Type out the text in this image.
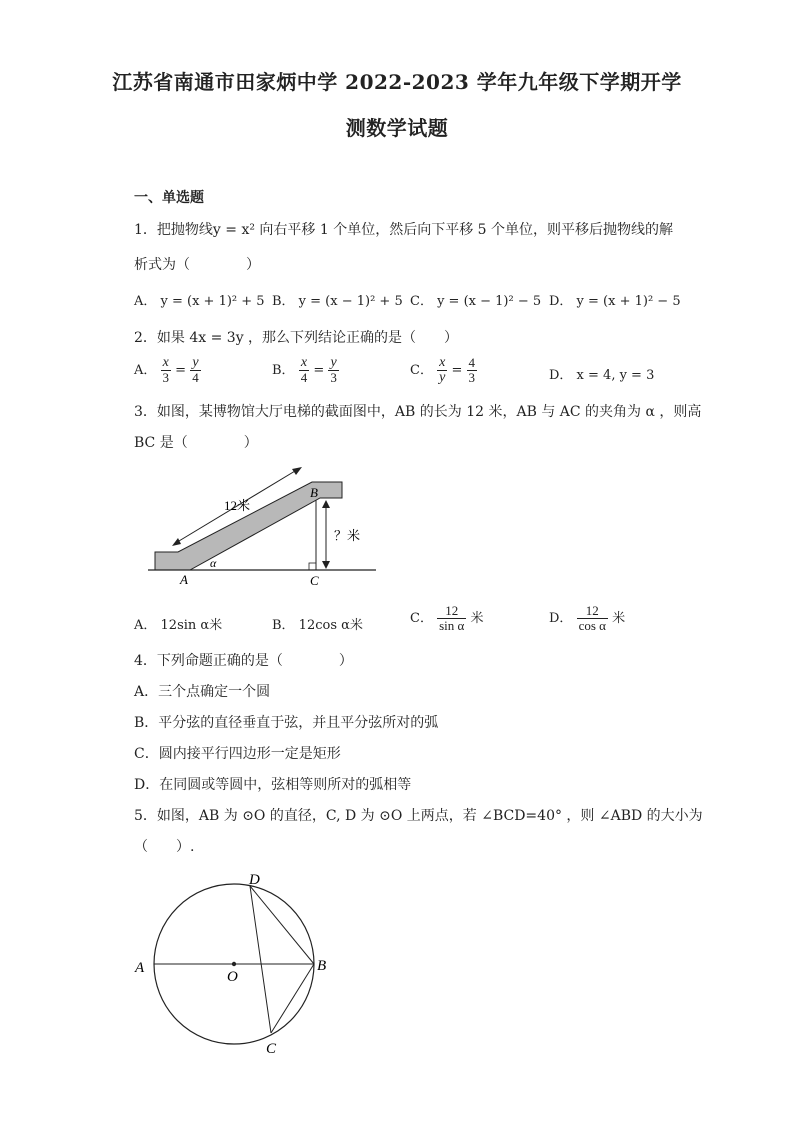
江苏省南通市田家炳中学 2022-2023 学年九年级下学期开学
测数学试题
一、单选题
1．把抛物线y = x² 向右平移 1 个单位，然后向下平移 5 个单位，则平移后抛物线的解
析式为（　　　　）
A． y = (x + 1)² + 5 B． y = (x − 1)² + 5 C． y = (x − 1)² − 5 D． y = (x + 1)² − 5
2．如果 4x = 3y ，那么下列结论正确的是（　　）
A． $\frac{x}{3} = \frac{y}{4}$	B． $\frac{x}{4} = \frac{y}{3}$	C． $\frac{x}{y} = \frac{4}{3}$	D． x = 4, y = 3
3．如图，某博物馆大厅电梯的截面图中，AB 的长为 12 米，AB 与 AC 的夹角为 α ，则高
BC 是（　　　　）
12米
B
A	C
α
？米
A． 12sin α米	B． 12cos α米	C． $\frac{12}{\text{sin α}}$ 米	D． $\frac{12}{\text{cos α}}$ 米
4．下列命题正确的是（　　　　）
A．三个点确定一个圆
B．平分弦的直径垂直于弦，并且平分弦所对的弧
C．圆内接平行四边形一定是矩形
D．在同圆或等圆中，弦相等则所对的弧相等
5．如图，AB 为 ⊙O 的直径，C, D 为 ⊙O 上两点，若 ∠BCD=40° ，则 ∠ABD 的大小为
（　　）.
D
A
O
B
C
